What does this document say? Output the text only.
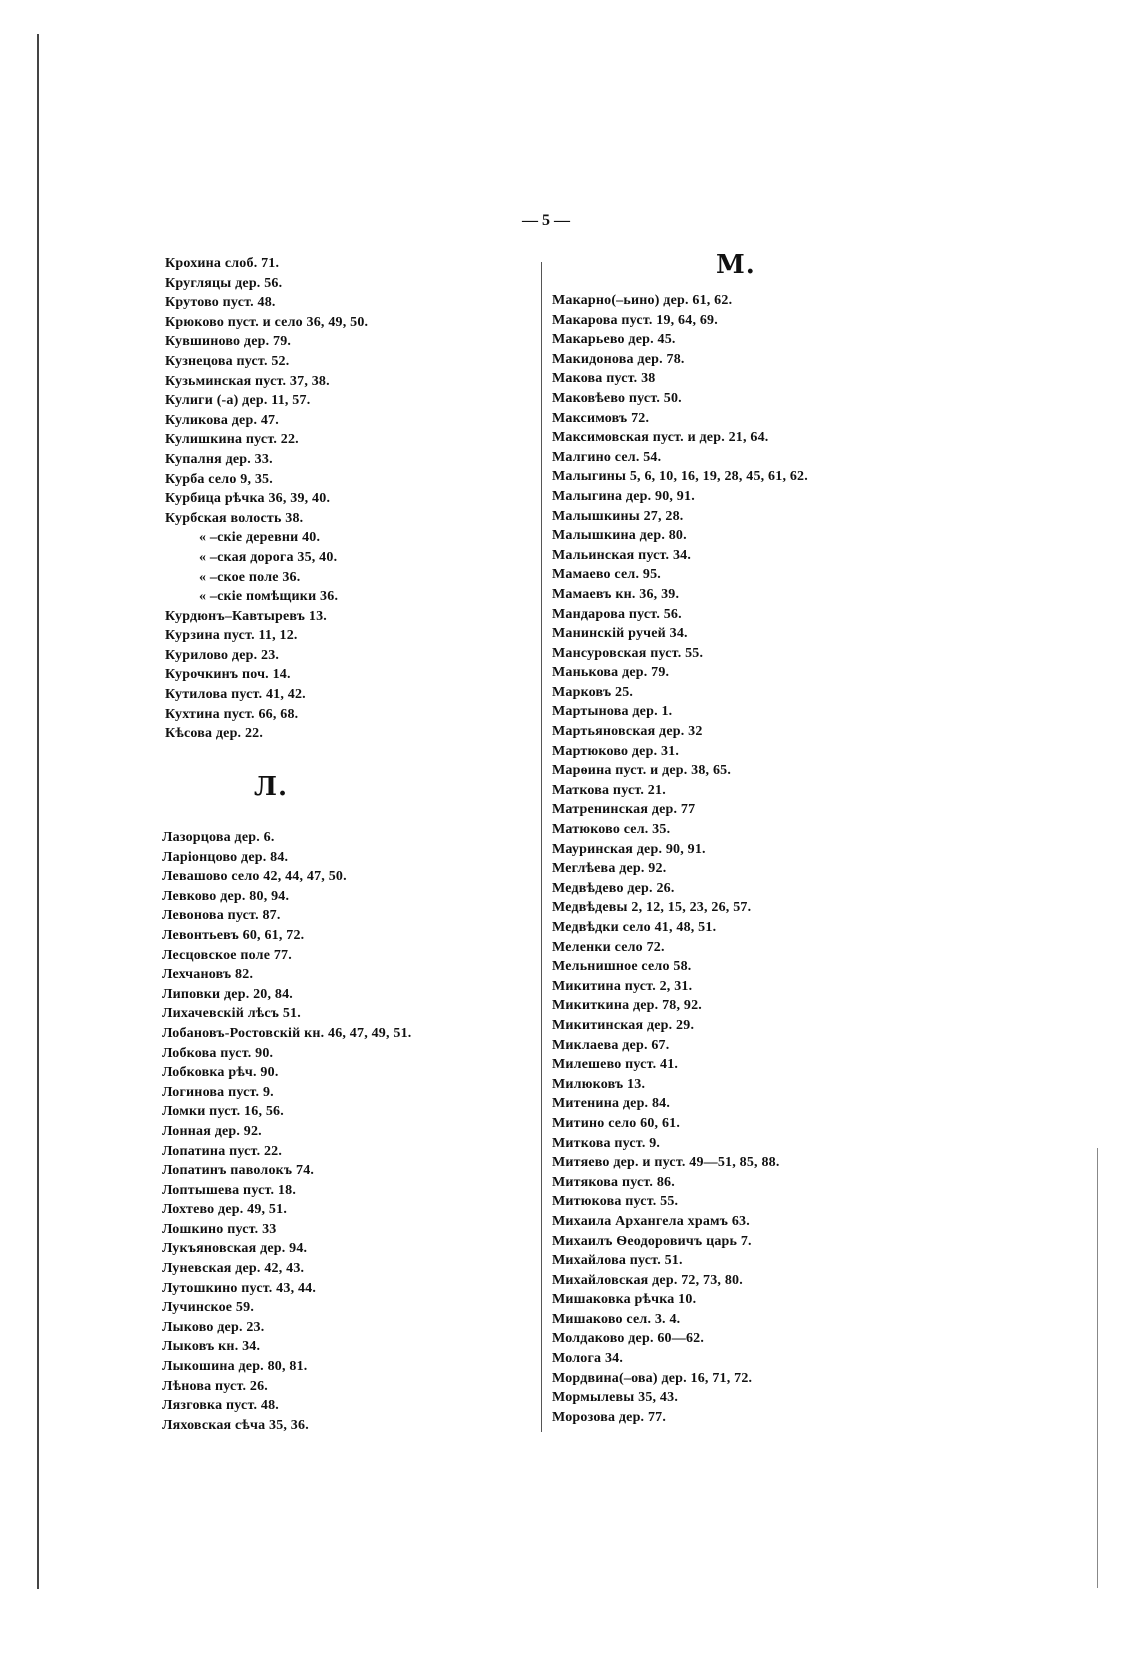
— 5 —
Крохина слоб. 71.
Кругляцы дер. 56.
Крутово пуст. 48.
Крюково пуст. и село 36, 49, 50.
Кувшиново дер. 79.
Кузнецова пуст. 52.
Кузьминская пуст. 37, 38.
Кулиги (-а) дер. 11, 57.
Куликова дер. 47.
Кулишкина пуст. 22.
Купалня дер. 33.
Курба село 9, 35.
Курбица рѣчка 36, 39, 40.
Курбская волость 38.
« –скіе деревни 40.
« –ская дорога 35, 40.
« –ское поле 36.
« –скіе помѣщики 36.
Курдюнъ–Кавтыревъ 13.
Курзина пуст. 11, 12.
Курилово дер. 23.
Курочкинъ поч. 14.
Кутилова пуст. 41, 42.
Кухтина пуст. 66, 68.
Кѣсова дер. 22.
Л.
Лазорцова дер. 6.
Ларіонцово дер. 84.
Левашово село 42, 44, 47, 50.
Левково дер. 80, 94.
Левонова пуст. 87.
Левонтьевъ 60, 61, 72.
Лесцовское поле 77.
Лехчановъ 82.
Липовки дер. 20, 84.
Лихачевскій лѣсъ 51.
Лобановъ-Ростовскій кн. 46, 47, 49, 51.
Лобкова пуст. 90.
Лобковка рѣч. 90.
Логинова пуст. 9.
Ломки пуст. 16, 56.
Лонная дер. 92.
Лопатина пуст. 22.
Лопатинъ паволокъ 74.
Лоптышева пуст. 18.
Лохтево дер. 49, 51.
Лошкино пуст. 33
Лукъяновская дер. 94.
Луневская дер. 42, 43.
Лутошкино пуст. 43, 44.
Лучинское 59.
Лыково дер. 23.
Лыковъ кн. 34.
Лыкошина дер. 80, 81.
Лѣнова пуст. 26.
Лязговка пуст. 48.
Ляховская сѣча 35, 36.
М.
Макарно(–ьино) дер. 61, 62.
Макарова пуст. 19, 64, 69.
Макарьево дер. 45.
Макидонова дер. 78.
Макова пуст. 38
Маковѣево пуст. 50.
Максимовъ 72.
Максимовская пуст. и дер. 21, 64.
Малгино сел. 54.
Малыгины 5, 6, 10, 16, 19, 28, 45, 61, 62.
Малыгина дер. 90, 91.
Малышкины 27, 28.
Малышкина дер. 80.
Мальинская пуст. 34.
Мамаево сел. 95.
Мамаевъ кн. 36, 39.
Мандарова пуст. 56.
Манинскій ручей 34.
Мансуровская пуст. 55.
Манькова дер. 79.
Марковъ 25.
Мартынова дер. 1.
Мартьяновская дер. 32
Мартюково дер. 31.
Марѳина пуст. и дер. 38, 65.
Маткова пуст. 21.
Матренинская дер. 77
Матюково сел. 35.
Мауринская дер. 90, 91.
Меглѣева дер. 92.
Медвѣдево дер. 26.
Медвѣдевы 2, 12, 15, 23, 26, 57.
Медвѣдки село 41, 48, 51.
Меленки село 72.
Мельнишное село 58.
Микитина пуст. 2, 31.
Микиткина дер. 78, 92.
Микитинская дер. 29.
Миклаева дер. 67.
Милешево пуст. 41.
Милюковъ 13.
Митенина дер. 84.
Митино село 60, 61.
Миткова пуст. 9.
Митяево дер. и пуст. 49—51, 85, 88.
Митякова пуст. 86.
Митюкова пуст. 55.
Михаила Архангела храмъ 63.
Михаилъ Ѳеодоровичъ царь 7.
Михайлова пуст. 51.
Михайловская дер. 72, 73, 80.
Мишаковка рѣчка 10.
Мишаково сел. 3. 4.
Молдаково дер. 60—62.
Молога 34.
Мордвина(–ова) дер. 16, 71, 72.
Мормылевы 35, 43.
Морозова дер. 77.
